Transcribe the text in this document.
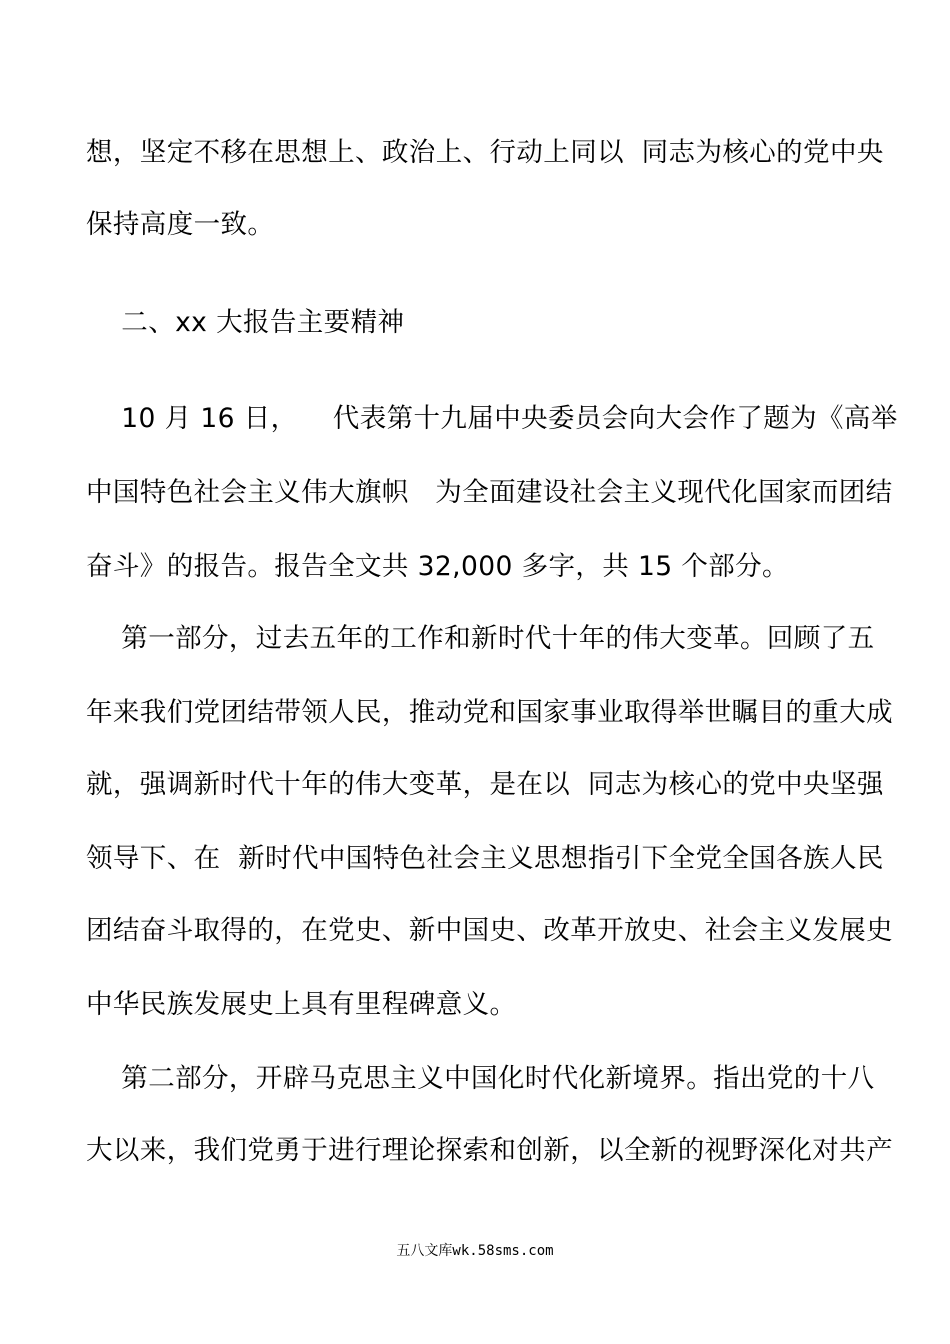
想，坚定不移在思想上、政治上、行动上同以  同志为核心的党中央
保持高度一致。
二、xx 大报告主要精神
10 月 16 日，    代表第十九届中央委员会向大会作了题为《高举
中国特色社会主义伟大旗帜   为全面建设社会主义现代化国家而团结
奋斗》的报告。报告全文共 32,000 多字，共 15 个部分。
第一部分，过去五年的工作和新时代十年的伟大变革。回顾了五
年来我们党团结带领人民，推动党和国家事业取得举世瞩目的重大成
就，强调新时代十年的伟大变革，是在以  同志为核心的党中央坚强
领导下、在  新时代中国特色社会主义思想指引下全党全国各族人民
团结奋斗取得的，在党史、新中国史、改革开放史、社会主义发展史
中华民族发展史上具有里程碑意义。
第二部分，开辟马克思主义中国化时代化新境界。指出党的十八
大以来，我们党勇于进行理论探索和创新，以全新的视野深化对共产
五八文库wk.58sms.com
